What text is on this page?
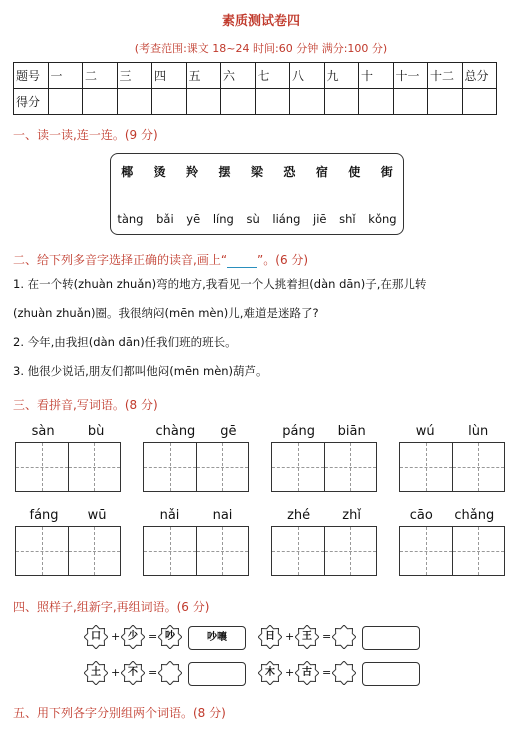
素质测试卷四
(考查范围:课文 18~24 时间:60 分钟 满分:100 分)
题号	一	二	三	四	五	六	七	八	九	十	十一	十二	总分
得分													
一、读一读,连一连。(9 分)
椰 烫 羚 摆 梁 恐 宿 使 街
tàng bǎi yē líng sù liáng jiē shǐ kǒng
二、给下列多音字选择正确的读音,画上“	”。(6 分)
1. 在一个转(zhuàn zhuǎn)弯的地方,我看见一个人挑着担(dàn dān)子,在那儿转
(zhuàn zhuǎn)圈。我很纳闷(mēn mèn)儿,难道是迷路了?
2. 今年,由我担(dàn dān)任我们班的班长。
3. 他很少说话,朋友们都叫他闷(mēn mèn)葫芦。
三、看拼音,写词语。(8 分)
sàn	bù	chàng gē	páng biān	wú	lùn
fáng wū	nǎi	nai	zhé zhǐ	cāo chǎng
四、照样子,组新字,再组词语。(6 分)
口 + 少 = 吵	吵嚷	日 + 王 =
土 + 不 =	木 + 古 =
五、用下列各字分别组两个词语。(8 分)
